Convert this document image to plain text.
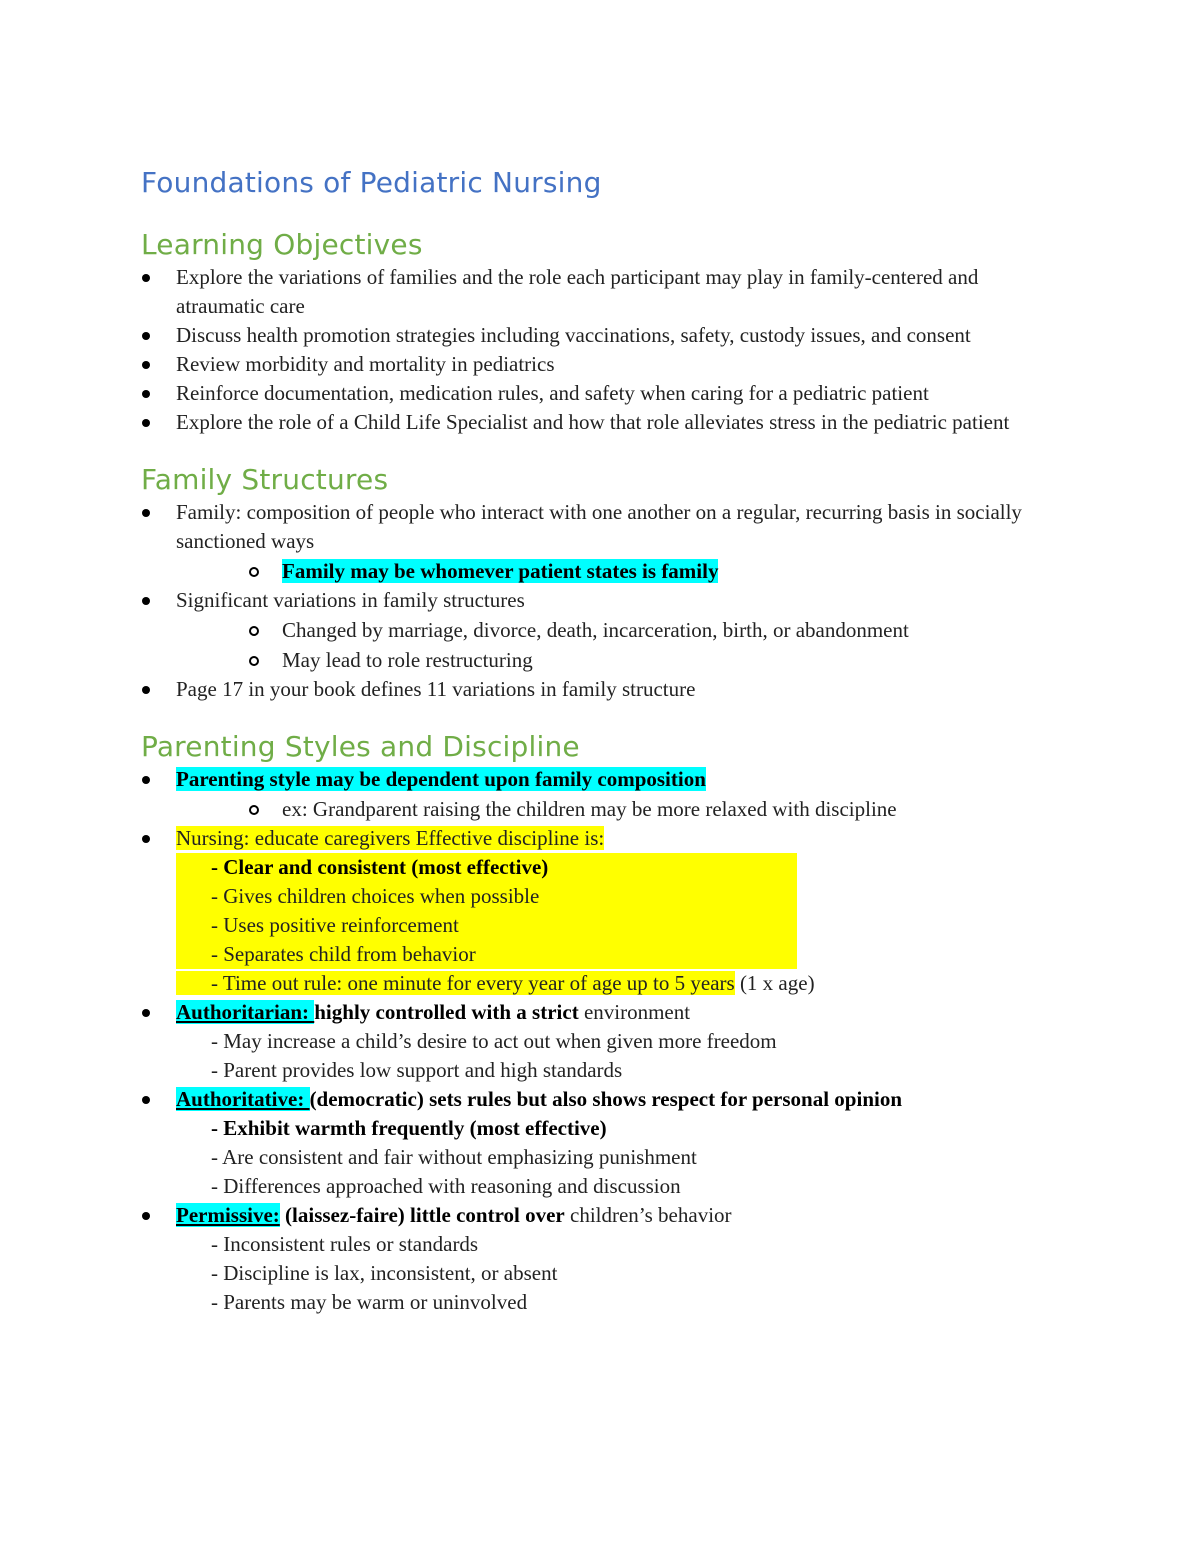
Foundations of Pediatric Nursing
Learning Objectives
Explore the variations of families and the role each participant may play in family-centered and atraumatic care
Discuss health promotion strategies including vaccinations, safety, custody issues, and consent
Review morbidity and mortality in pediatrics
Reinforce documentation, medication rules, and safety when caring for a pediatric patient
Explore the role of a Child Life Specialist and how that role alleviates stress in the pediatric patient
Family Structures
Family: composition of people who interact with one another on a regular, recurring basis in socially sanctioned ways
Family may be whomever patient states is family
Significant variations in family structures
Changed by marriage, divorce, death, incarceration, birth, or abandonment
May lead to role restructuring
Page 17 in your book defines 11 variations in family structure
Parenting Styles and Discipline
Parenting style may be dependent upon family composition
ex: Grandparent raising the children may be more relaxed with discipline
Nursing: educate caregivers Effective discipline is:
- Clear and consistent (most effective)
- Gives children choices when possible
- Uses positive reinforcement
- Separates child from behavior
- Time out rule: one minute for every year of age up to 5 years (1 x age)
Authoritarian: highly controlled with a strict environment
- May increase a child’s desire to act out when given more freedom
- Parent provides low support and high standards
Authoritative: (democratic) sets rules but also shows respect for personal opinion
- Exhibit warmth frequently (most effective)
- Are consistent and fair without emphasizing punishment
- Differences approached with reasoning and discussion
Permissive: (laissez-faire) little control over children’s behavior
- Inconsistent rules or standards
- Discipline is lax, inconsistent, or absent
- Parents may be warm or uninvolved
